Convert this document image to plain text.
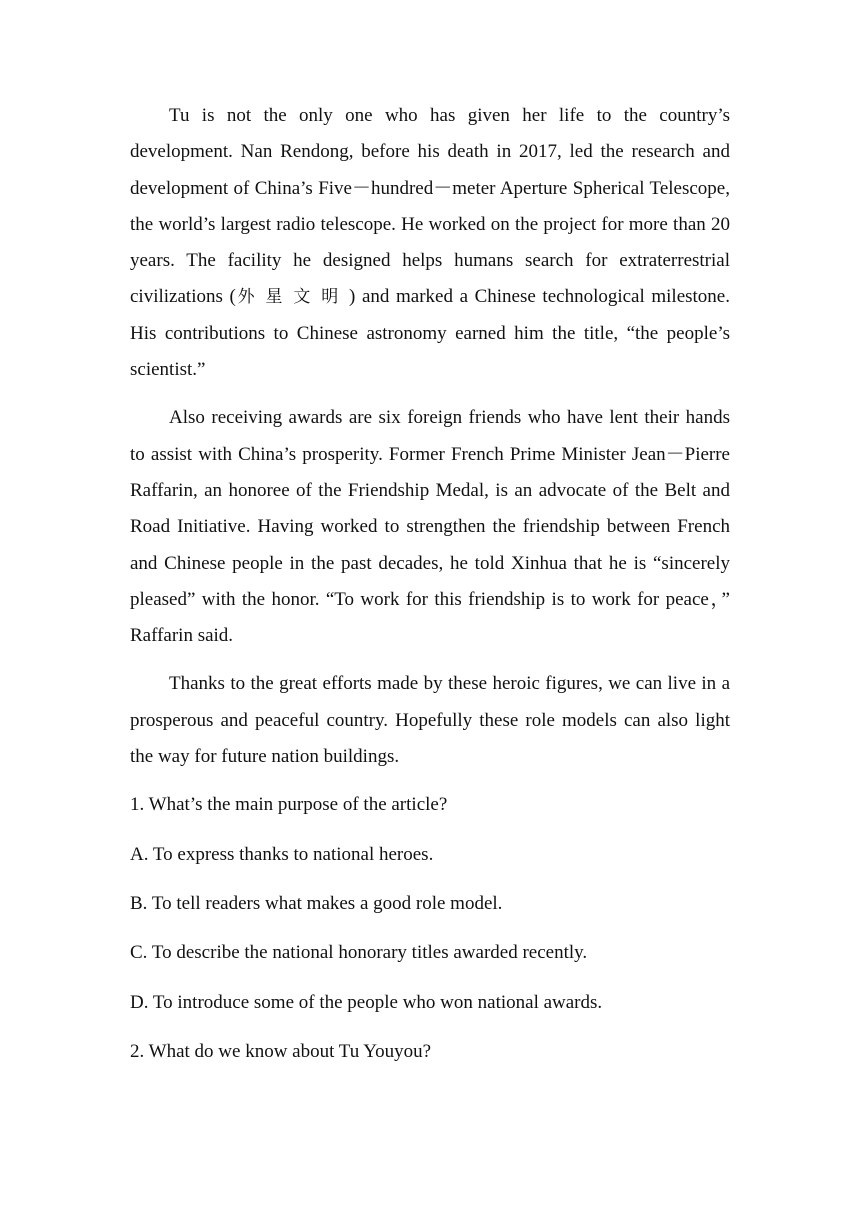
Tu is not the only one who has given her life to the country’s development. Nan Rendong, before his death in 2017, led the research and development of China’s Five－hundred－meter Aperture Spherical Telescope, the world’s largest radio telescope. He worked on the project for more than 20 years. The facility he designed helps humans search for extraterrestrial civilizations (外星文明) and marked a Chinese technological milestone. His contributions to Chinese astronomy earned him the title, “the people’s scientist.”

Also receiving awards are six foreign friends who have lent their hands to assist with China’s prosperity. Former French Prime Minister Jean－Pierre Raffarin, an honoree of the Friendship Medal, is an advocate of the Belt and Road Initiative. Having worked to strengthen the friendship between French and Chinese people in the past decades, he told Xinhua that he is “sincerely pleased” with the honor. “To work for this friendship is to work for peace，” Raffarin said.

Thanks to the great efforts made by these heroic figures, we can live in a prosperous and peaceful country. Hopefully these role models can also light the way for future nation buildings.

1. What’s the main purpose of the article?

A. To express thanks to national heroes.

B. To tell readers what makes a good role model.

C. To describe the national honorary titles awarded recently.

D. To introduce some of the people who won national awards.

2. What do we know about Tu Youyou?
